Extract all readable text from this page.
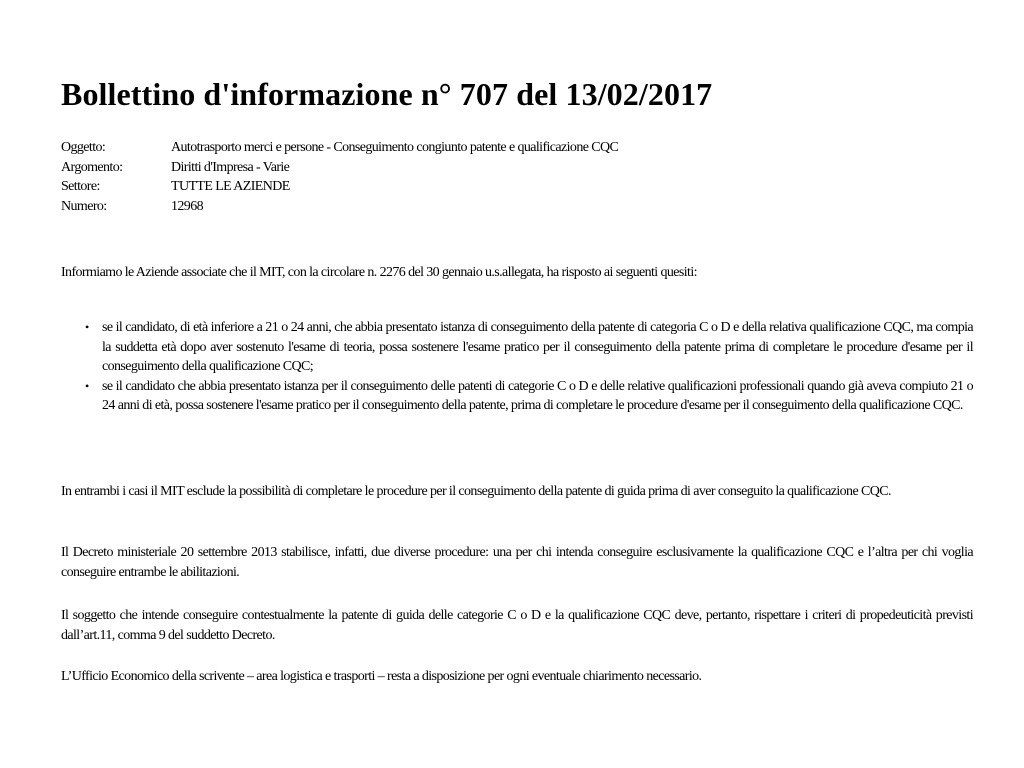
Bollettino d'informazione n° 707 del 13/02/2017
Oggetto:	Autotrasporto merci e persone - Conseguimento congiunto patente e qualificazione CQC
Argomento:	Diritti d'Impresa - Varie
Settore:	TUTTE LE AZIENDE
Numero:	12968
Informiamo le Aziende associate che il MIT, con la circolare n. 2276 del 30 gennaio u.s.allegata, ha risposto ai seguenti quesiti:
• se il candidato, di età inferiore a 21 o 24 anni, che abbia presentato istanza di conseguimento della patente di categoria C o D e della relativa qualificazione CQC, ma compia la suddetta età dopo aver sostenuto l'esame di teoria, possa sostenere l'esame pratico per il conseguimento della patente prima di completare le procedure d'esame per il conseguimento della qualificazione CQC;
• se il candidato che abbia presentato istanza per il conseguimento delle patenti di categorie C o D e delle relative qualificazioni professionali quando già aveva compiuto 21 o 24 anni di età, possa sostenere l'esame pratico per il conseguimento della patente, prima di completare le procedure d'esame per il conseguimento della qualificazione CQC.
In entrambi i casi il MIT esclude la possibilità di completare le procedure per il conseguimento della patente di guida prima di aver conseguito la qualificazione CQC.
Il Decreto ministeriale 20 settembre 2013 stabilisce, infatti, due diverse procedure: una per chi intenda conseguire esclusivamente la qualificazione CQC e l’altra per chi voglia conseguire entrambe le abilitazioni.
Il soggetto che intende conseguire contestualmente la patente di guida delle categorie C o D e la qualificazione CQC deve, pertanto, rispettare i criteri di propedeuticità previsti dall’art.11, comma 9 del suddetto Decreto.
L’Ufficio Economico della scrivente – area logistica e trasporti – resta a disposizione per ogni eventuale chiarimento necessario.
